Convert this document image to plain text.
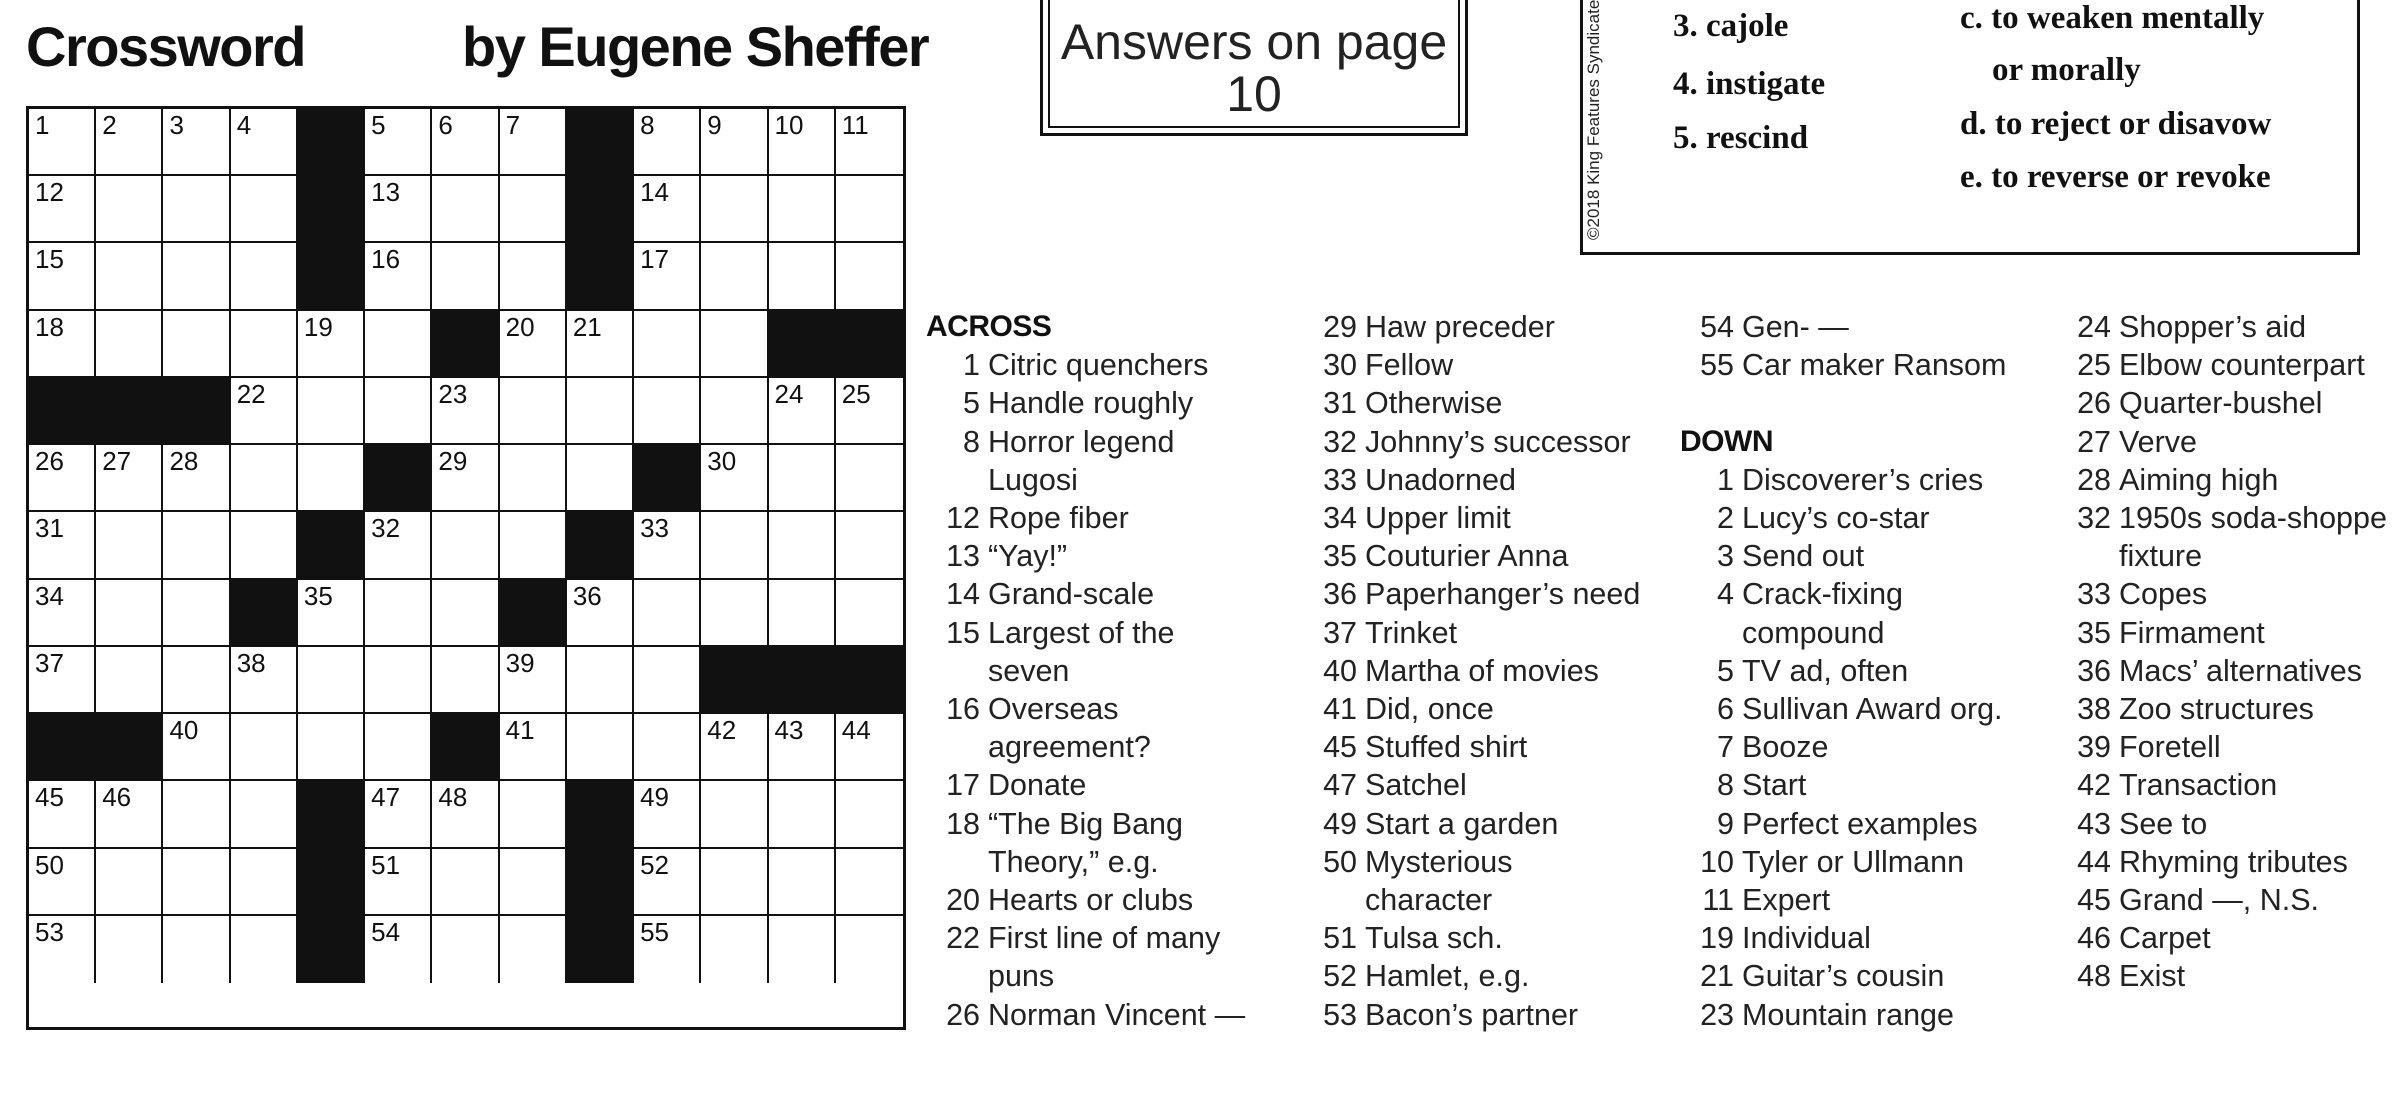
Crossword	by Eugene Sheffer	Answers on page
10	©2018 King Features Syndicate 3. cajole
4. instigate
5. rescind
c. to weaken mentally
or morally
d. to reject or disavow
e. to reverse or revoke
1 2 3 4	5 6 7	8 9 10 11
12	13	14
15	16	17
18	19	20 21
22	23	24 25
26 27 28	29	30
31	32	33
34	35	36
37	38	39
40	41	42 43 44
45 46	47 48	49
50	51	52
53	54	55
ACROSS
1 Citric quenchers
5 Handle roughly
8 Horror legend
Lugosi
12 Rope fiber
13 “Yay!”
14 Grand-scale
15 Largest of the
seven
16 Overseas
agreement?
17 Donate
18 “The Big Bang
Theory,” e.g.
20 Hearts or clubs
22 First line of many
puns
26 Norman Vincent —
29 Haw preceder
30 Fellow
31 Otherwise
32 Johnny’s successor
33 Unadorned
34 Upper limit
35 Couturier Anna
36 Paperhanger’s need
37 Trinket
40 Martha of movies
41 Did, once
45 Stuffed shirt
47 Satchel
49 Start a garden
50 Mysterious
character
51 Tulsa sch.
52 Hamlet, e.g.
53 Bacon’s partner
54 Gen- —
55 Car maker Ransom
DOWN
1 Discoverer’s cries
2 Lucy’s co-star
3 Send out
4 Crack-fixing
compound
5 TV ad, often
6 Sullivan Award org.
7 Booze
8 Start
9 Perfect examples
10 Tyler or Ullmann
11 Expert
19 Individual
21 Guitar’s cousin
23 Mountain range
24 Shopper’s aid
25 Elbow counterpart
26 Quarter-bushel
27 Verve
28 Aiming high
32 1950s soda-shoppe
fixture
33 Copes
35 Firmament
36 Macs’ alternatives
38 Zoo structures
39 Foretell
42 Transaction
43 See to
44 Rhyming tributes
45 Grand —, N.S.
46 Carpet
48 Exist
